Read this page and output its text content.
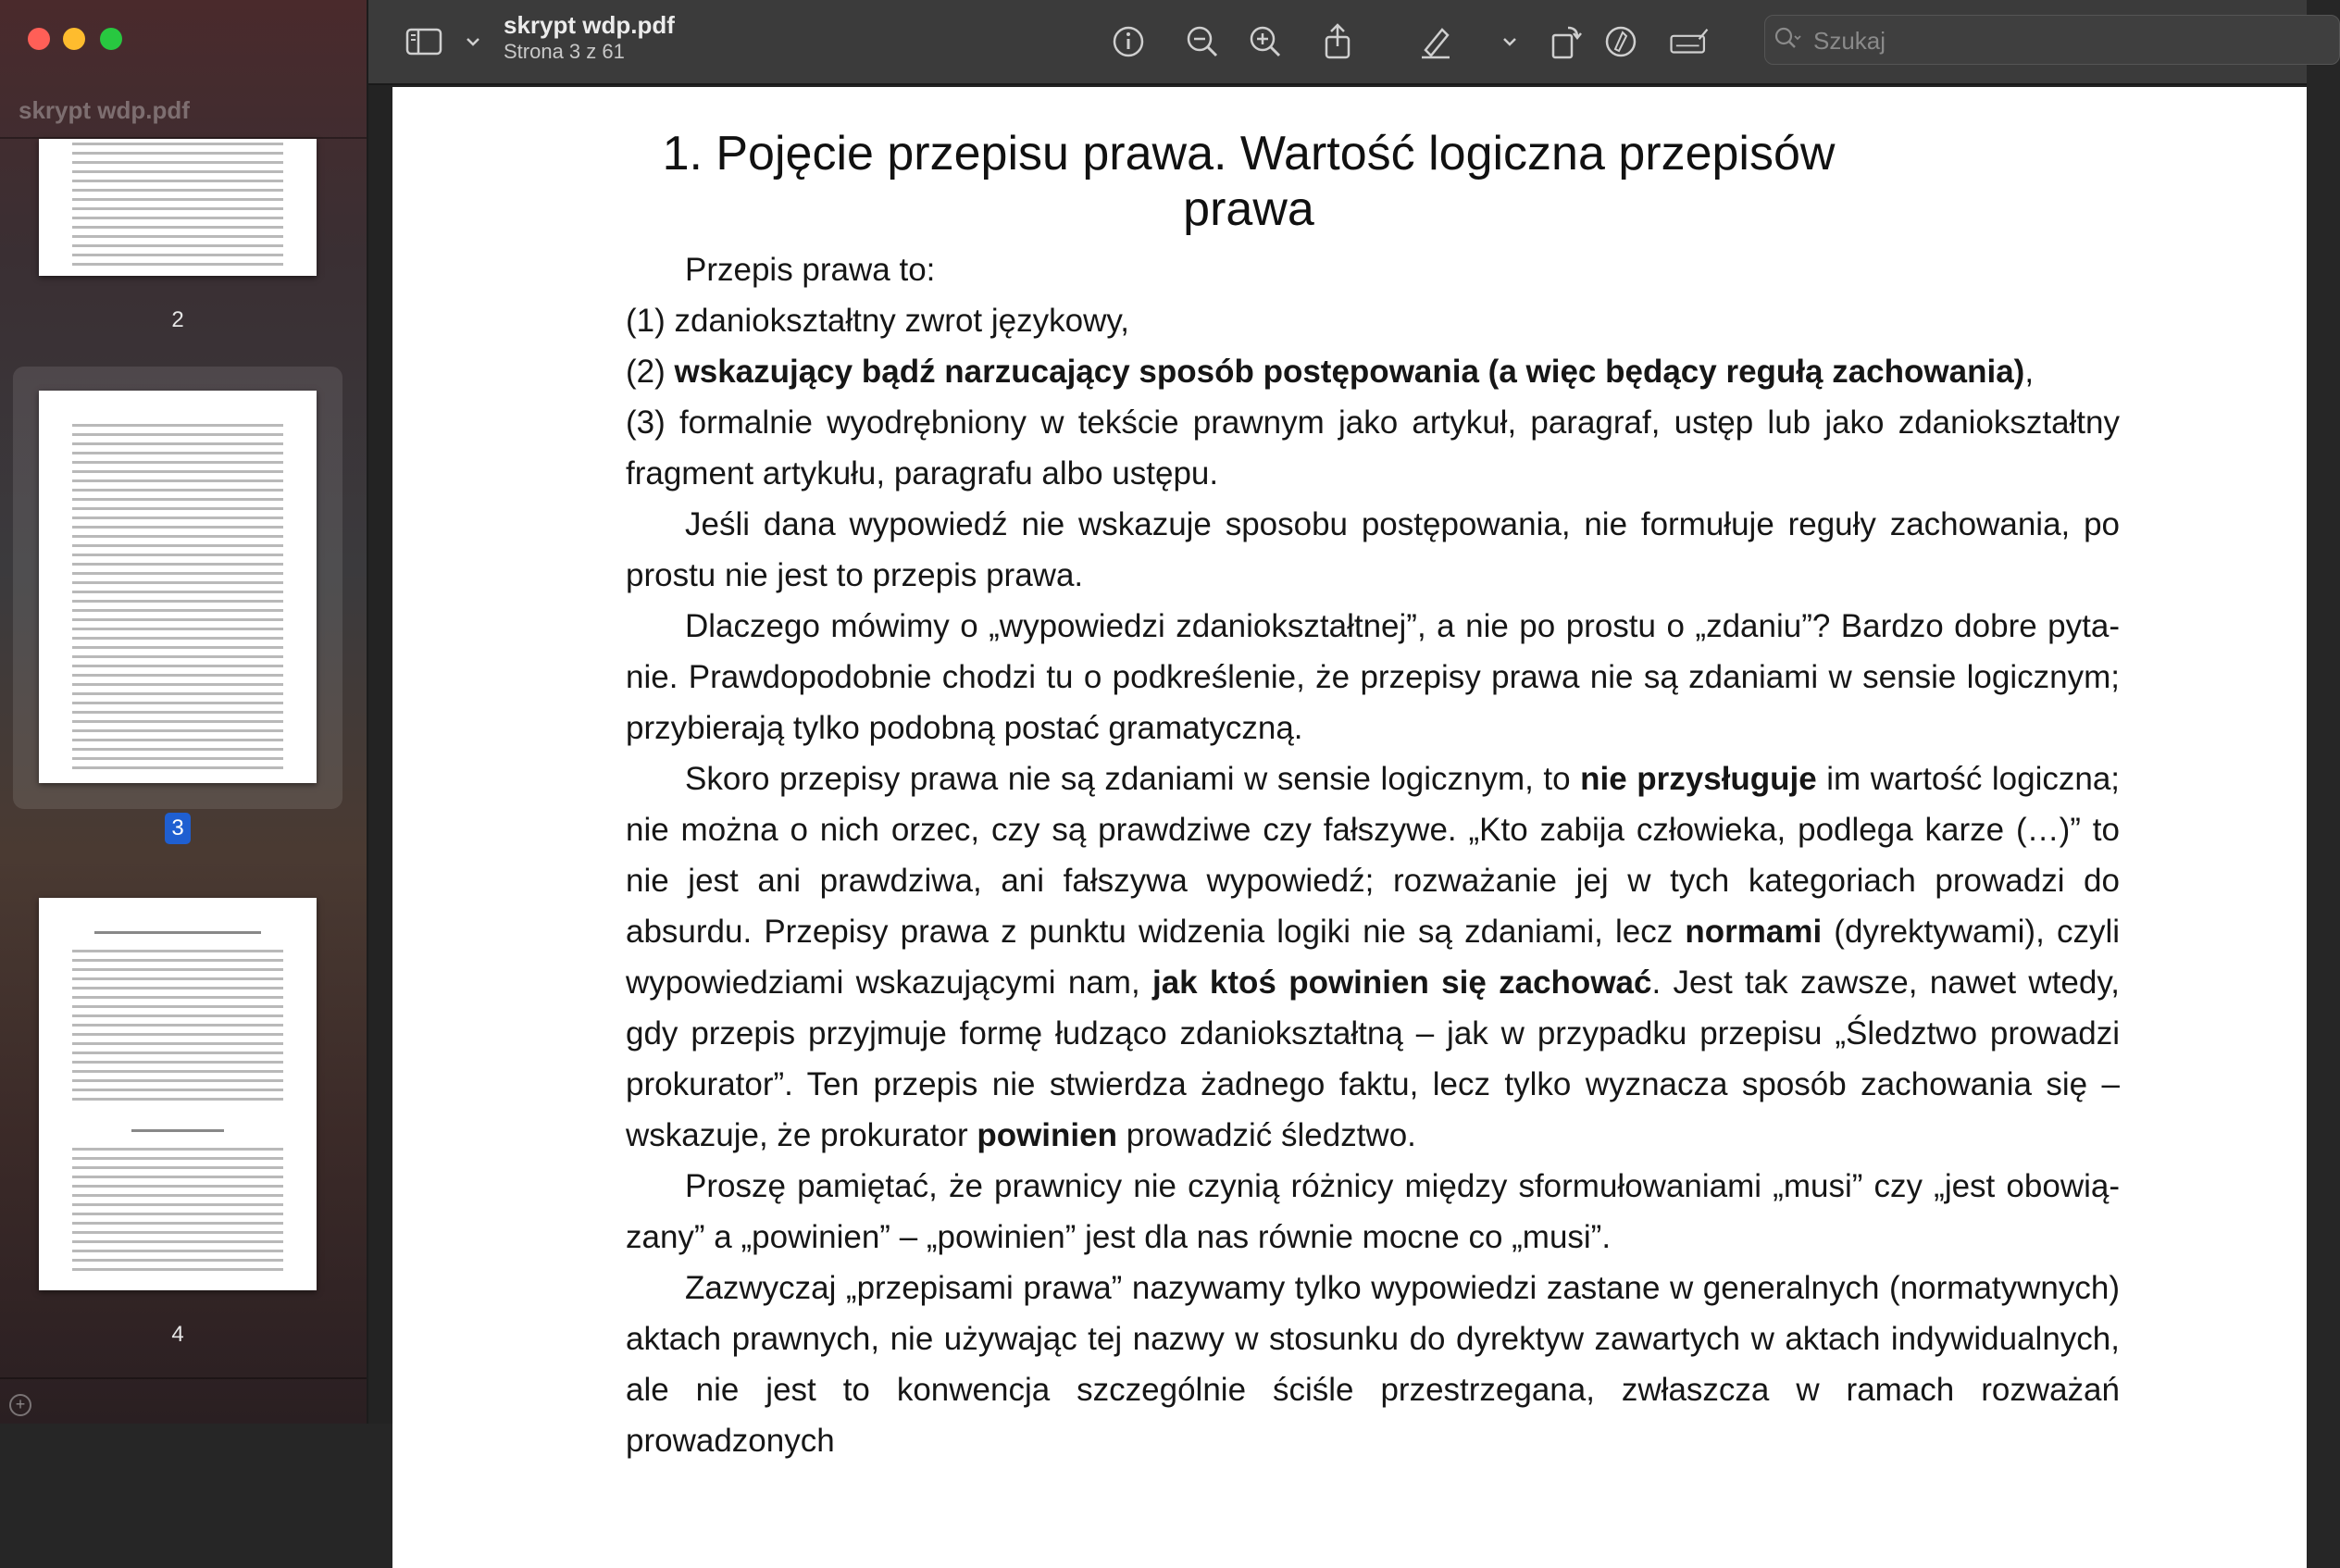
skrypt wdp.pdf
2
3
4
+
skrypt wdp.pdf
Strona 3 z 61
Szukaj
1. Pojęcie przepisu prawa. Wartość logiczna przepisów prawa

Przepis prawa to:

(1) zdaniokształtny zwrot językowy,

(2) wskazujący bądź narzucający sposób postępowania (a więc będący regułą zachowania),

(3) formalnie wyodrębniony w tekście prawnym jako artykuł, paragraf, ustęp lub jako zdaniokształtny fragment artykułu, paragrafu albo ustępu.

Jeśli dana wypowiedź nie wskazuje sposobu postępowania, nie formułuje reguły zachowania, po prostu nie jest to przepis prawa.

Dlaczego mówimy o „wypowiedzi zdaniokształtnej”, a nie po prostu o „zdaniu”? Bardzo dobre pytanie. Prawdopodobnie chodzi tu o podkreślenie, że przepisy prawa nie są zdaniami w sensie logicznym; przybierają tylko podobną postać gramatyczną.

Skoro przepisy prawa nie są zdaniami w sensie logicznym, to nie przysługuje im wartość logiczna; nie można o nich orzec, czy są prawdziwe czy fałszywe. „Kto zabija człowieka, podlega karze (…)” to nie jest ani prawdziwa, ani fałszywa wypowiedź; rozważanie jej w tych kategoriach prowadzi do absurdu. Przepisy prawa z punktu widzenia logiki nie są zdaniami, lecz normami (dyrektywami), czyli wypowiedziami wskazującymi nam, jak ktoś powinien się zachować. Jest tak zawsze, nawet wtedy, gdy przepis przyjmuje formę łudząco zdaniokształtną – jak w przypadku przepisu „Śledztwo prowadzi prokurator”. Ten przepis nie stwierdza żadnego faktu, lecz tylko wyznacza sposób zachowania się – wskazuje, że prokurator powinien prowadzić śledztwo.

Proszę pamiętać, że prawnicy nie czynią różnicy między sformułowaniami „musi” czy „jest obowiązany” a „powinien” – „powinien” jest dla nas równie mocne co „musi”.

Zazwyczaj „przepisami prawa” nazywamy tylko wypowiedzi zastane w generalnych (normatywnych) aktach prawnych, nie używając tej nazwy w stosunku do dyrektyw zawartych w aktach indywidualnych, ale nie jest to konwencja szczególnie ściśle przestrzegana, zwłaszcza w ramach rozważań prowadzonych
